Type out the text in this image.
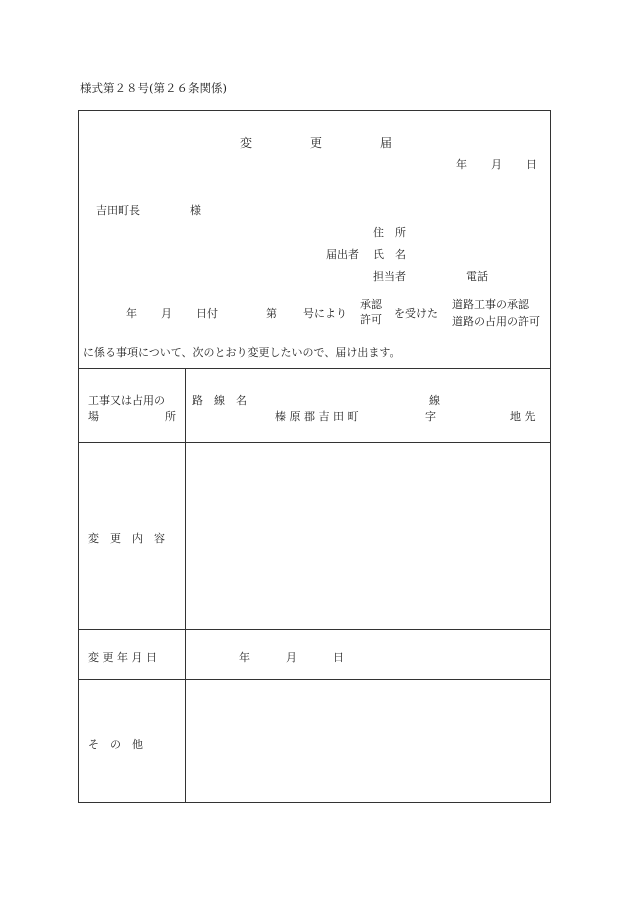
様式第２８号(第２６条関係)
変	更	届
年 月 日
吉田町長	様
住　所
届出者 氏　名
担当者	電話
年 月 日付	第 号により
承認
許可 を受けた
道路工事の承認
道路の占用の許可
に係る事項について、次のとおり変更したいので、届け出ます。
工事又は占用の
場	所
路　線　名	線
榛 原 郡 吉 田 町	字	地 先
変　更　内　容
変 更 年 月 日	年	月	日
そ　の　他
